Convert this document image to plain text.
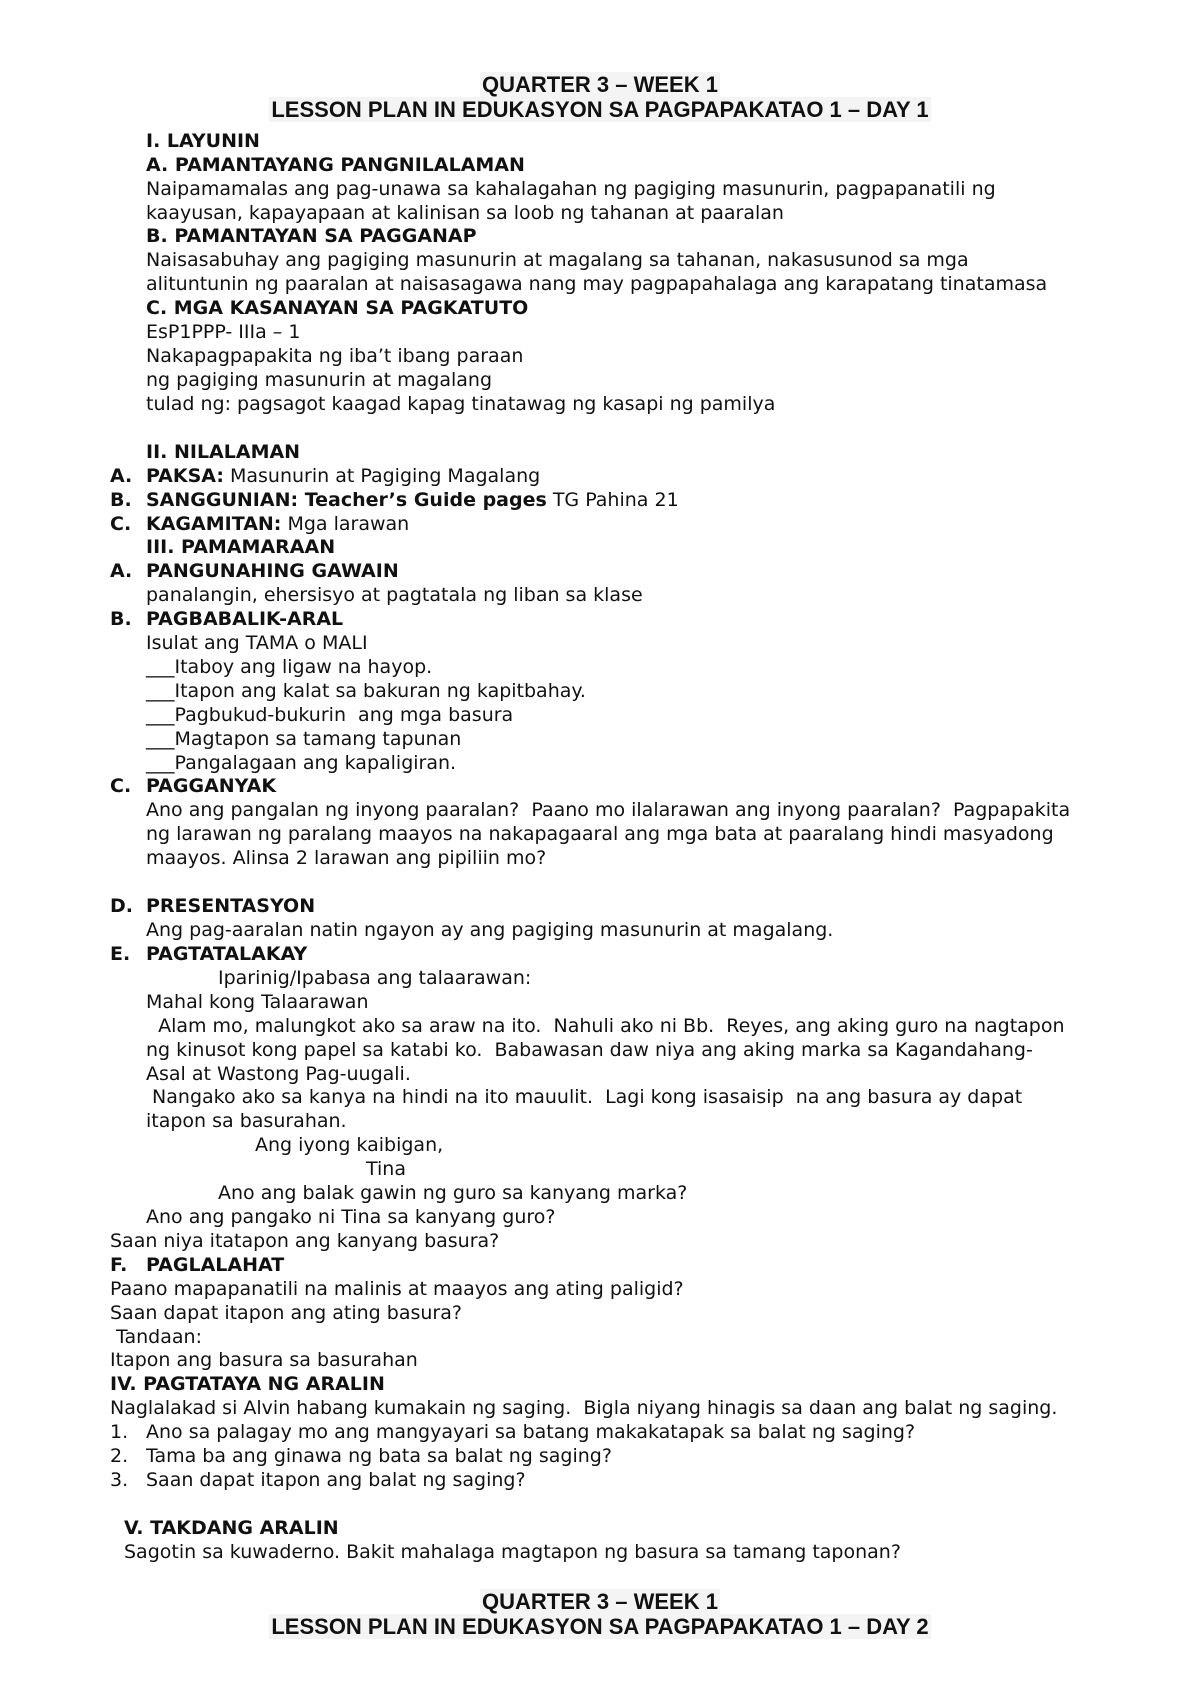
QUARTER 3 – WEEK 1
LESSON PLAN IN EDUKASYON SA PAGPAPAKATAO 1 – DAY 1
I. LAYUNIN
A. PAMANTAYANG PANGNILALAMAN
Naipamamalas ang pag-unawa sa kahalagahan ng pagiging masunurin, pagpapanatili ng
kaayusan, kapayapaan at kalinisan sa loob ng tahanan at paaralan
B. PAMANTAYAN SA PAGGANAP
Naisasabuhay ang pagiging masunurin at magalang sa tahanan, nakasusunod sa mga
alituntunin ng paaralan at naisasagawa nang may pagpapahalaga ang karapatang tinatamasa
C. MGA KASANAYAN SA PAGKATUTO
EsP1PPP- IIIa – 1
Nakapagpapakita ng iba’t ibang paraan
ng pagiging masunurin at magalang
tulad ng: pagsagot kaagad kapag tinatawag ng kasapi ng pamilya
II. NILALAMAN
A. PAKSA: Masunurin at Pagiging Magalang
B. SANGGUNIAN: Teacher’s Guide pages TG Pahina 21
C. KAGAMITAN: Mga larawan
III. PAMAMARAAN
A. PANGUNAHING GAWAIN
panalangin, ehersisyo at pagtatala ng liban sa klase
B. PAGBABALIK-ARAL
Isulat ang TAMA o MALI
___Itaboy ang ligaw na hayop.
___Itapon ang kalat sa bakuran ng kapitbahay.
___Pagbukud-bukurin  ang mga basura
___Magtapon sa tamang tapunan
___Pangalagaan ang kapaligiran.
C. PAGGANYAK
Ano ang pangalan ng inyong paaralan?  Paano mo ilalarawan ang inyong paaralan?  Pagpapakita
ng larawan ng paralang maayos na nakapagaaral ang mga bata at paaralang hindi masyadong
maayos. Alinsa 2 larawan ang pipiliin mo?
D. PRESENTASYON
Ang pag-aaralan natin ngayon ay ang pagiging masunurin at magalang.
E. PAGTATALAKAY
Iparinig/Ipabasa ang talaarawan:
Mahal kong Talaarawan
Alam mo, malungkot ako sa araw na ito.  Nahuli ako ni Bb.  Reyes, ang aking guro na nagtapon
ng kinusot kong papel sa katabi ko.  Babawasan daw niya ang aking marka sa Kagandahang-
Asal at Wastong Pag-uugali.
Nangako ako sa kanya na hindi na ito mauulit.  Lagi kong isasaisip  na ang basura ay dapat
itapon sa basurahan.
Ang iyong kaibigan,
Tina
Ano ang balak gawin ng guro sa kanyang marka?
Ano ang pangako ni Tina sa kanyang guro?
Saan niya itatapon ang kanyang basura?
F. PAGLALAHAT
Paano mapapanatili na malinis at maayos ang ating paligid?
Saan dapat itapon ang ating basura?
Tandaan:
Itapon ang basura sa basurahan
IV. PAGTATAYA NG ARALIN
Naglalakad si Alvin habang kumakain ng saging.  Bigla niyang hinagis sa daan ang balat ng saging.
1. Ano sa palagay mo ang mangyayari sa batang makakatapak sa balat ng saging?
2. Tama ba ang ginawa ng bata sa balat ng saging?
3. Saan dapat itapon ang balat ng saging?
V. TAKDANG ARALIN
Sagotin sa kuwaderno. Bakit mahalaga magtapon ng basura sa tamang taponan?
QUARTER 3 – WEEK 1
LESSON PLAN IN EDUKASYON SA PAGPAPAKATAO 1 – DAY 2
